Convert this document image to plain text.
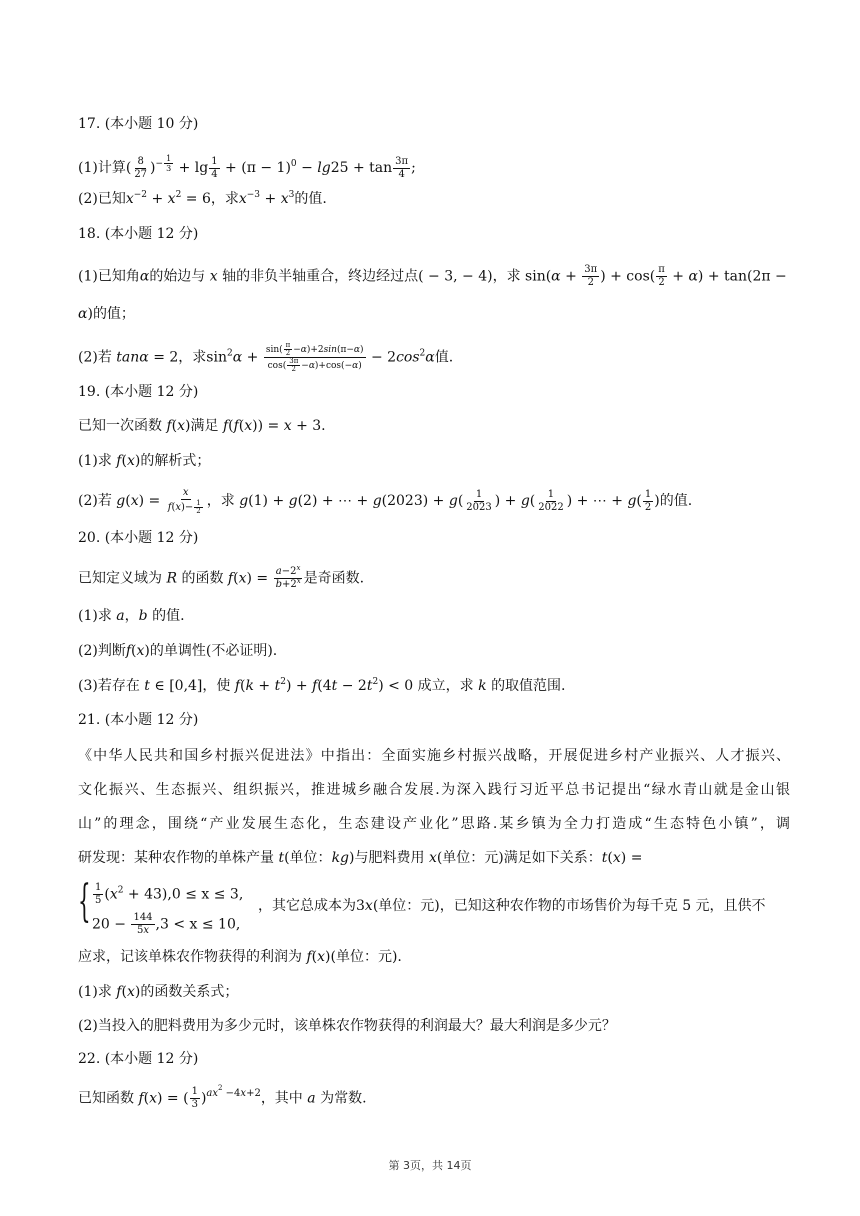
17. (本小题 10 分)
(1)计算( $\frac{8}{27} )^{- \frac{1}{3}} + \lg \frac{1}{4} + (\pi - 1)^0 - \lg 25 + \tan \frac{3\pi}{4}$ ;
(2)已知$x^{-2} + x^2 = 6$，求$x^{-3} + x^3$的值.
18. (本小题 12 分)
(1)已知角α的始边与 x 轴的非负半轴重合，终边经过点( − 3, − 4)，求 $\sin(\alpha + \frac{3\pi}{2}$ ) + $\cos( \frac{\pi}{2} + \alpha) + \tan(2\pi$ −
α)的值；
(2)若 tanα = 2，求$\sin^2\alpha + \frac{\sin( \frac{\pi}{2} -\alpha)+2\sin(\pi-\alpha)}{\cos( \frac{3\pi}{2} -\alpha)+\cos(-\alpha)} - 2\cos^2\alpha$值.
19. (本小题 12 分)
已知一次函数 f(x)满足 f(f(x)) = x + 3.
(1)求 f(x)的解析式；
(2)若 $g(x) = \frac{x}{f(x)- \frac{1}{2}}$ ，求 g(1) + g(2) + ⋯ + $g(2023) + g( \frac{1}{2023}$ ) + $g( \frac{1}{2022}$ ) + ⋯ + $g( \frac{1}{2}$ )的值.
20. (本小题 12 分)
已知定义域为 R 的函数 $f(x) = \frac{a-2^x}{b+2^x}$ 是奇函数.
(1)求 a，b 的值.
(2)判断f(x)的单调性(不必证明).
(3)若存在 t ∈ [0,4]，使 $f(k + t^2) + f(4t - 2t^2) < 0$ 成立，求 k 的取值范围.
21. (本小题 12 分)
《中华人民共和国乡村振兴促进法》中指出：全面实施乡村振兴战略，开展促进乡村产业振兴、人才振兴、
文化振兴、生态振兴、组织振兴，推进城乡融合发展.为深入践行习近平总书记提出“绿水青山就是金山银
山”的理念，围绕“产业发展生态化，生态建设产业化”思路.某乡镇为全力打造成“生态特色小镇”，调
研发现：某种农作物的单株产量 t(单位：kg)与肥料费用 x(单位：元)满足如下关系：t(x) =
{ $\frac{1}{5} (x^2 + 43),0 \le x \le 3$,
，其它总成本为3x(单位：元)，已知这种农作物的市场售价为每千克 5 元，且供不
$20 - \frac{144}{5x} ,3 < x \le 10$,
应求，记该单株农作物获得的利润为 f(x)(单位：元).
(1)求 f(x)的函数关系式；
(2)当投入的肥料费用为多少元时，该单株农作物获得的利润最大？最大利润是多少元？
22. (本小题 12 分)
已知函数 f(x) = ( $\frac{1}{3} )^{ax^2 -4x+2}$，其中 a 为常数.
第 3页，共 14页
